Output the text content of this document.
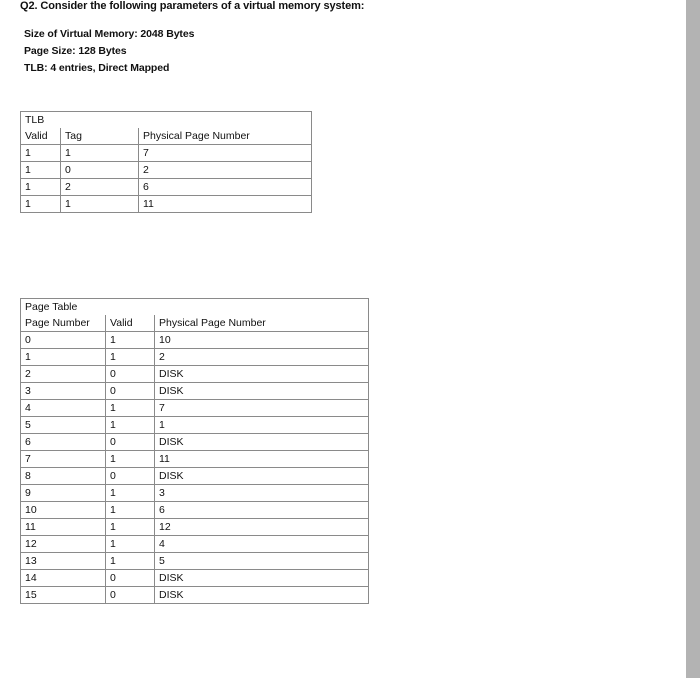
Q2. Consider the following parameters of a virtual memory system:
Size of Virtual Memory: 2048 Bytes
Page Size: 128 Bytes
TLB: 4 entries, Direct Mapped
TLB		
Valid	Tag	Physical Page Number
1	1	7
1	0	2
1	2	6
1	1	11
Page Table		
Page Number	Valid	Physical Page Number
0	1	10
1	1	2
2	0	DISK
3	0	DISK
4	1	7
5	1	1
6	0	DISK
7	1	11
8	0	DISK
9	1	3
10	1	6
11	1	12
12	1	4
13	1	5
14	0	DISK
15	0	DISK
